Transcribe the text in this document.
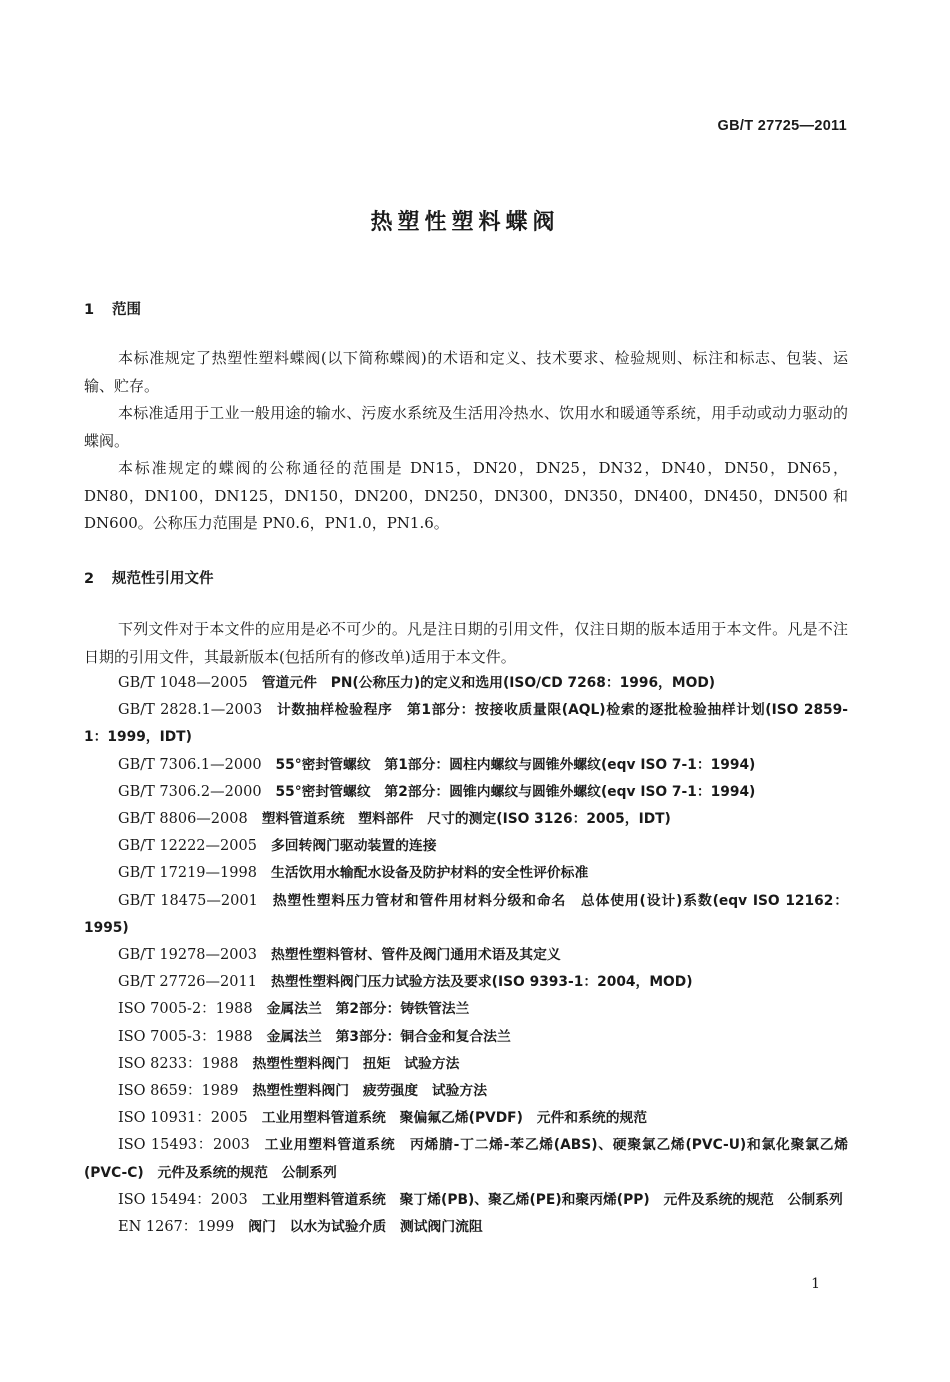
GB/T 27725—2011
热塑性塑料蝶阀
1 范围

本标准规定了热塑性塑料蝶阀(以下简称蝶阀)的术语和定义、技术要求、检验规则、标注和标志、包装、运输、贮存。

本标准适用于工业一般用途的输水、污废水系统及生活用冷热水、饮用水和暖通等系统，用手动或动力驱动的蝶阀。

本标准规定的蝶阀的公称通径的范围是 DN15，DN20，DN25，DN32，DN40，DN50，DN65，DN80，DN100，DN125，DN150，DN200，DN250，DN300，DN350，DN400，DN450，DN500 和 DN600。公称压力范围是 PN0.6，PN1.0，PN1.6。

2 规范性引用文件

下列文件对于本文件的应用是必不可少的。凡是注日期的引用文件，仅注日期的版本适用于本文件。凡是不注日期的引用文件，其最新版本(包括所有的修改单)适用于本文件。

GB/T 1048—2005 管道元件　PN(公称压力)的定义和选用(ISO/CD 7268：1996，MOD)

GB/T 2828.1—2003 计数抽样检验程序　第1部分：按接收质量限(AQL)检索的逐批检验抽样计划(ISO 2859-1：1999，IDT)

GB/T 7306.1—2000 55°密封管螺纹　第1部分：圆柱内螺纹与圆锥外螺纹(eqv ISO 7-1：1994)

GB/T 7306.2—2000 55°密封管螺纹　第2部分：圆锥内螺纹与圆锥外螺纹(eqv ISO 7-1：1994)

GB/T 8806—2008 塑料管道系统　塑料部件　尺寸的测定(ISO 3126：2005，IDT)

GB/T 12222—2005 多回转阀门驱动装置的连接

GB/T 17219—1998 生活饮用水输配水设备及防护材料的安全性评价标准

GB/T 18475—2001 热塑性塑料压力管材和管件用材料分级和命名　总体使用(设计)系数(eqv ISO 12162：1995)

GB/T 19278—2003 热塑性塑料管材、管件及阀门通用术语及其定义

GB/T 27726—2011 热塑性塑料阀门压力试验方法及要求(ISO 9393-1：2004，MOD)

ISO 7005-2：1988 金属法兰　第2部分：铸铁管法兰

ISO 7005-3：1988 金属法兰　第3部分：铜合金和复合法兰

ISO 8233：1988 热塑性塑料阀门　扭矩　试验方法

ISO 8659：1989 热塑性塑料阀门　疲劳强度　试验方法

ISO 10931：2005 工业用塑料管道系统　聚偏氟乙烯(PVDF)　元件和系统的规范

ISO 15493：2003 工业用塑料管道系统　丙烯腈-丁二烯-苯乙烯(ABS)、硬聚氯乙烯(PVC-U)和氯化聚氯乙烯(PVC-C)　元件及系统的规范　公制系列

ISO 15494：2003 工业用塑料管道系统　聚丁烯(PB)、聚乙烯(PE)和聚丙烯(PP)　元件及系统的规范　公制系列

EN 1267：1999 阀门　以水为试验介质　测试阀门流阻

1
